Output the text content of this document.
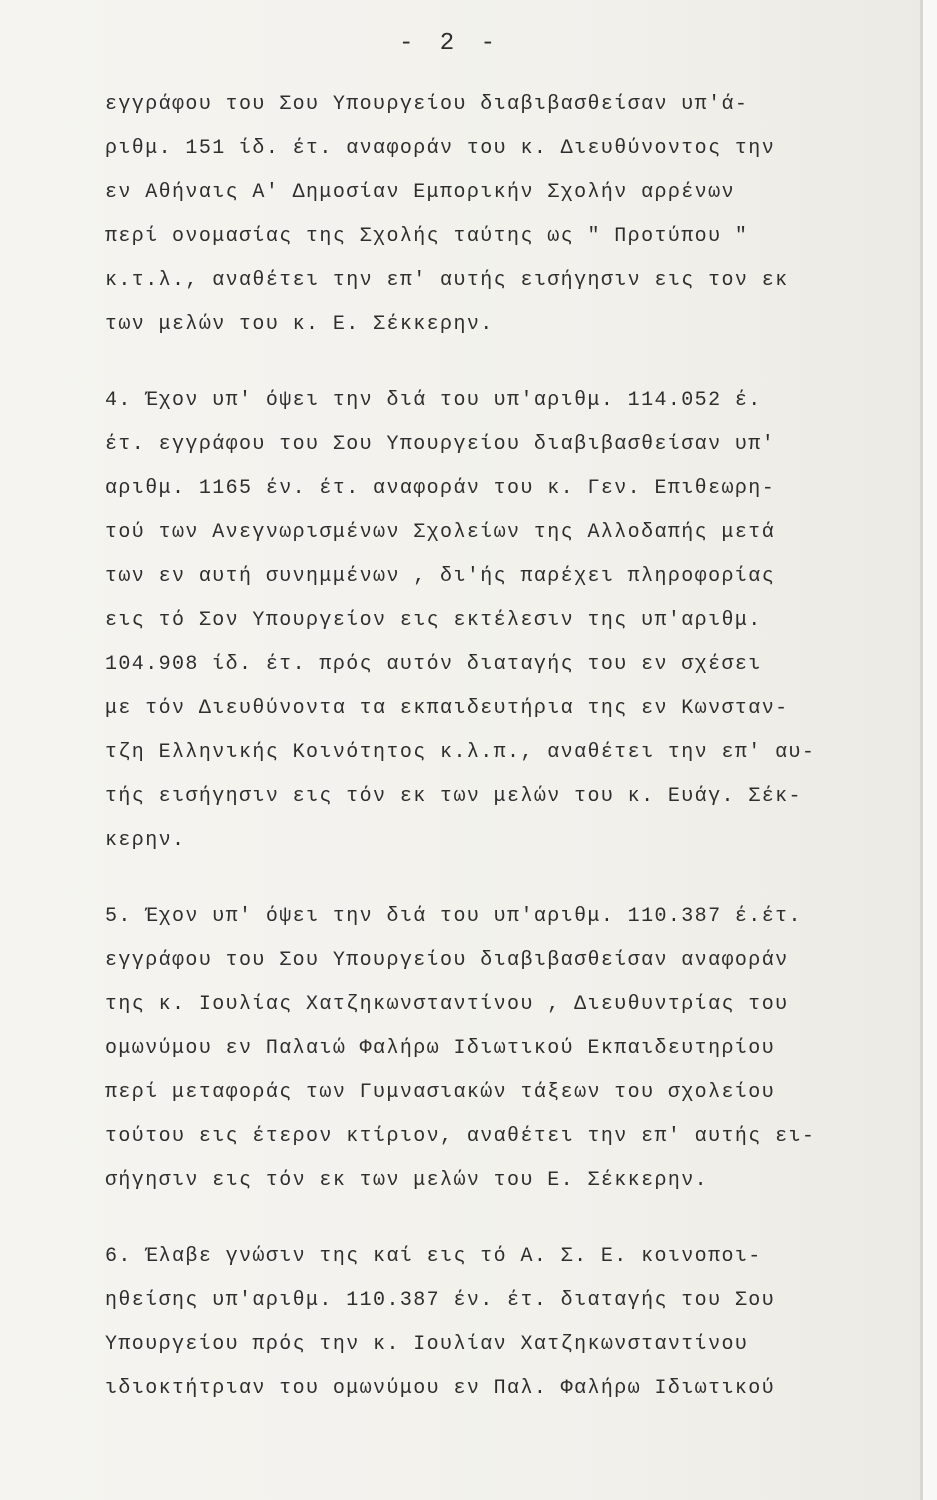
- 2 -
εγγράφου του Σου Υπουργείου διαβιβασθείσαν υπ'ά-
ριθμ. 151 ίδ. έτ. αναφοράν του κ. Διευθύνοντος την
εν Αθήναις Α' Δημοσίαν Εμπορικήν Σχολήν αρρένων
περί ονομασίας της Σχολής ταύτης ως " Προτύπου "
κ.τ.λ., αναθέτει την επ' αυτής εισήγησιν εις τον εκ
των μελών του κ. Ε. Σέκκερην.
4. Έχον υπ' όψει την διά του υπ'αριθμ. 114.052 έ.
έτ. εγγράφου του Σου Υπουργείου διαβιβασθείσαν υπ'
αριθμ. 1165 έν. έτ. αναφοράν του κ. Γεν. Επιθεωρη-
τού των Ανεγνωρισμένων Σχολείων της Αλλοδαπής μετά
των εν αυτή συνημμένων , δι'ής παρέχει πληροφορίας
εις τό Σον Υπουργείον εις εκτέλεσιν της υπ'αριθμ.
104.908 ίδ. έτ. πρός αυτόν διαταγής του εν σχέσει
με τόν Διευθύνοντα τα εκπαιδευτήρια της εν Κωνσταν-
τζη Ελληνικής Κοινότητος κ.λ.π., αναθέτει την επ' αυ-
τής εισήγησιν εις τόν εκ των μελών του κ. Ευάγ. Σέκ-
κερην.
5. Έχον υπ' όψει την διά του υπ'αριθμ. 110.387 έ.έτ.
εγγράφου του Σου Υπουργείου διαβιβασθείσαν αναφοράν
της κ. Ιουλίας Χατζηκωνσταντίνου , Διευθυντρίας του
ομωνύμου εν Παλαιώ Φαλήρω Ιδιωτικού Εκπαιδευτηρίου
περί μεταφοράς των Γυμνασιακών τάξεων του σχολείου
τούτου εις έτερον κτίριον, αναθέτει την επ' αυτής ει-
σήγησιν εις τόν εκ των μελών του Ε. Σέκκερην.
6. Έλαβε γνώσιν της καί εις τό Α. Σ. Ε. κοινοποι-
ηθείσης υπ'αριθμ. 110.387 έν. έτ. διαταγής του Σου
Υπουργείου πρός την κ. Ιουλίαν Χατζηκωνσταντίνου
ιδιοκτήτριαν του ομωνύμου εν Παλ. Φαλήρω Ιδιωτικού
